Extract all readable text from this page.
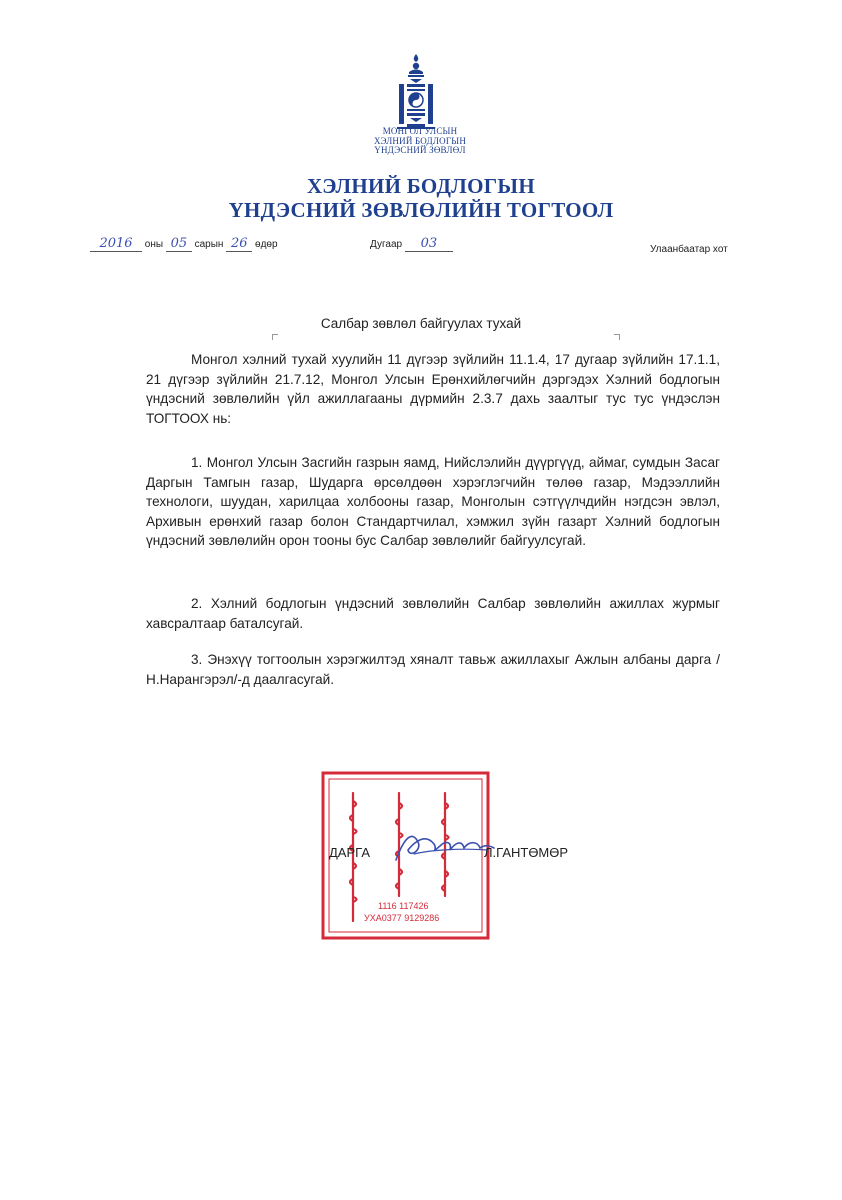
МОНГОЛ УЛСЫН
ХЭЛНИЙ БОДЛОГЫН
ҮНДЭСНИЙ ЗӨВЛӨЛ
ХЭЛНИЙ БОДЛОГЫН
ҮНДЭСНИЙ ЗӨВЛӨЛИЙН ТОГТООЛ
2016 оны 05 сарын 26 өдөр	Дугаар 03	Улаанбаатар хот
Салбар зөвлөл байгуулах тухай
Монгол хэлний тухай хуулийн 11 дүгээр зүйлийн 11.1.4, 17 дугаар зүйлийн 17.1.1, 21 дүгээр зүйлийн 21.7.12, Монгол Улсын Ерөнхийлөгчийн дэргэдэх Хэлний бодлогын үндэсний зөвлөлийн үйл ажиллагааны дүрмийн 2.3.7 дахь заалтыг тус тус үндэслэн ТОГТООХ нь:
1. Монгол Улсын Засгийн газрын яамд, Нийслэлийн дүүргүүд, аймаг, сумдын Засаг Даргын Тамгын газар, Шударга өрсөлдөөн хэрэглэгчийн төлөө газар, Мэдээллийн технологи, шуудан, харилцаа холбооны газар, Монголын сэтгүүлчдийн нэгдсэн эвлэл, Архивын ерөнхий газар болон Стандартчилал, хэмжил зүйн газарт Хэлний бодлогын үндэсний зөвлөлийн орон тооны бус Салбар зөвлөлийг байгуулсугай.
2. Хэлний бодлогын үндэсний зөвлөлийн Салбар зөвлөлийн ажиллах журмыг хавсралтаар баталсугай.
3. Энэхүү тогтоолын хэрэгжилтэд хяналт тавьж ажиллахыг Ажлын албаны дарга /Н.Нарангэрэл/-д даалгасугай.
1116 117426
УХА0377 9129286
ДАРГА	Л.ГАНТӨМӨР
